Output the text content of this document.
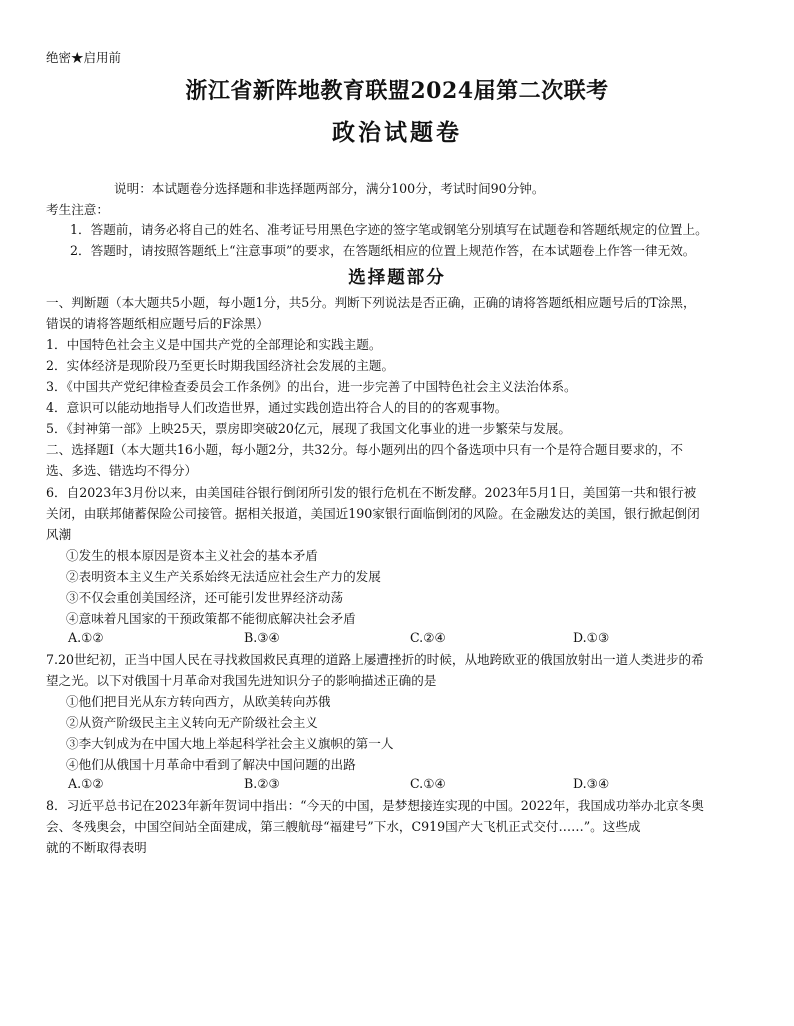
绝密★启用前
浙江省新阵地教育联盟2024届第二次联考
政治试题卷
说明：本试题卷分选择题和非选择题两部分，满分100分，考试时间90分钟。
考生注意：
1．答题前，请务必将自己的姓名、准考证号用黑色字迹的签字笔或钢笔分别填写在试题卷和答题纸规定的位置上。
2．答题时，请按照答题纸上“注意事项”的要求，在答题纸相应的位置上规范作答，在本试题卷上作答一律无效。
选择题部分
一、判断题（本大题共5小题，每小题1分，共5分。判断下列说法是否正确，正确的请将答题纸相应题号后的T涂黑，
错误的请将答题纸相应题号后的F涂黑）
1．中国特色社会主义是中国共产党的全部理论和实践主题。
2．实体经济是现阶段乃至更长时期我国经济社会发展的主题。
3．《中国共产党纪律检查委员会工作条例》的出台，进一步完善了中国特色社会主义法治体系。
4．意识可以能动地指导人们改造世界，通过实践创造出符合人的目的的客观事物。
5．《封神第一部》上映25天，票房即突破20亿元，展现了我国文化事业的进一步繁荣与发展。
二、选择题Ⅰ（本大题共16小题，每小题2分，共32分。每小题列出的四个备选项中只有一个是符合题目要求的，不
选、多选、错选均不得分）
6．自2023年3月份以来，由美国硅谷银行倒闭所引发的银行危机在不断发酵。2023年5月1日，美国第一共和银行被
关闭，由联邦储蓄保险公司接管。据相关报道，美国近190家银行面临倒闭的风险。在金融发达的美国，银行掀起倒闭
风潮
①发生的根本原因是资本主义社会的基本矛盾
②表明资本主义生产关系始终无法适应社会生产力的发展
③不仅会重创美国经济，还可能引发世界经济动荡
④意味着凡国家的干预政策都不能彻底解决社会矛盾
A.①②	B.③④	C.②④	D.①③
7.20世纪初，正当中国人民在寻找救国救民真理的道路上屡遭挫折的时候，从地跨欧亚的俄国放射出一道人类进步的希
望之光。以下对俄国十月革命对我国先进知识分子的影响描述正确的是
①他们把目光从东方转向西方，从欧美转向苏俄
②从资产阶级民主主义转向无产阶级社会主义
③李大钊成为在中国大地上举起科学社会主义旗帜的第一人
④他们从俄国十月革命中看到了解决中国问题的出路
A.①②	B.②③	C.①④	D.③④
8．习近平总书记在2023年新年贺词中指出：“今天的中国，是梦想接连实现的中国。2022年，我国成功举办北京冬奥
会、冬残奥会，中国空间站全面建成，第三艘航母“福建号”下水，C919国产大飞机正式交付……”。这些成
就的不断取得表明
